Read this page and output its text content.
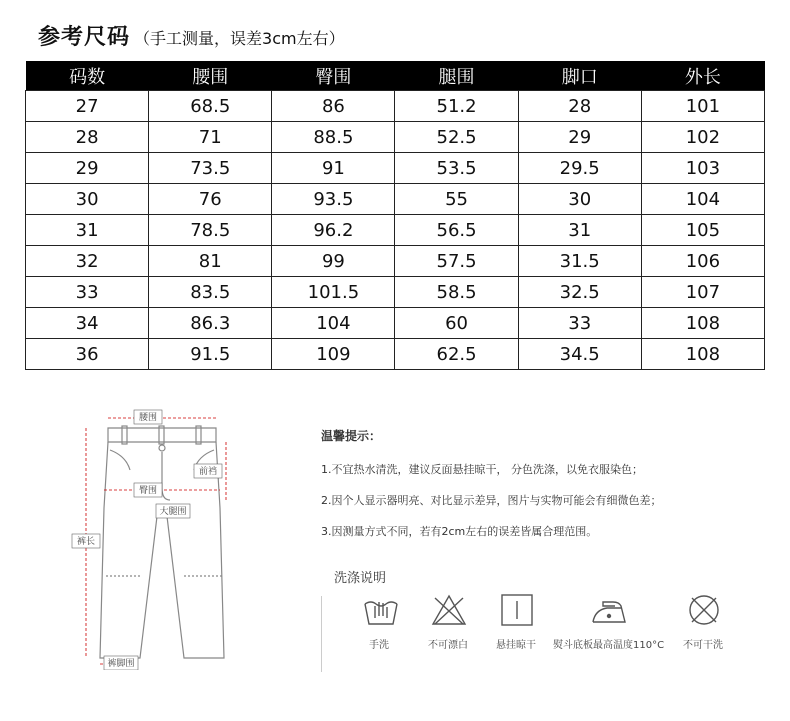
参考尺码 （手工测量，误差3cm左右）
码数	腰围	臀围	腿围	脚口	外长
27	68.5	86	51.2	28	101
28	71	88.5	52.5	29	102
29	73.5	91	53.5	29.5	103
30	76	93.5	55	30	104
31	78.5	96.2	56.5	31	105
32	81	99	57.5	31.5	106
33	83.5	101.5	58.5	32.5	107
34	86.3	104	60	33	108
36	91.5	109	62.5	34.5	108
腰围
前裆
臀围
大腿围
裤长
裤脚围
温馨提示：
1.不宜热水清洗，建议反面悬挂晾干， 分色洗涤，以免衣服染色；
2.因个人显示器明亮、对比显示差异，图片与实物可能会有细微色差；
3.因测量方式不同，若有2cm左右的误差皆属合理范围。
洗涤说明
手洗	不可漂白	悬挂晾干 熨斗底板最高温度110°C 不可干洗
